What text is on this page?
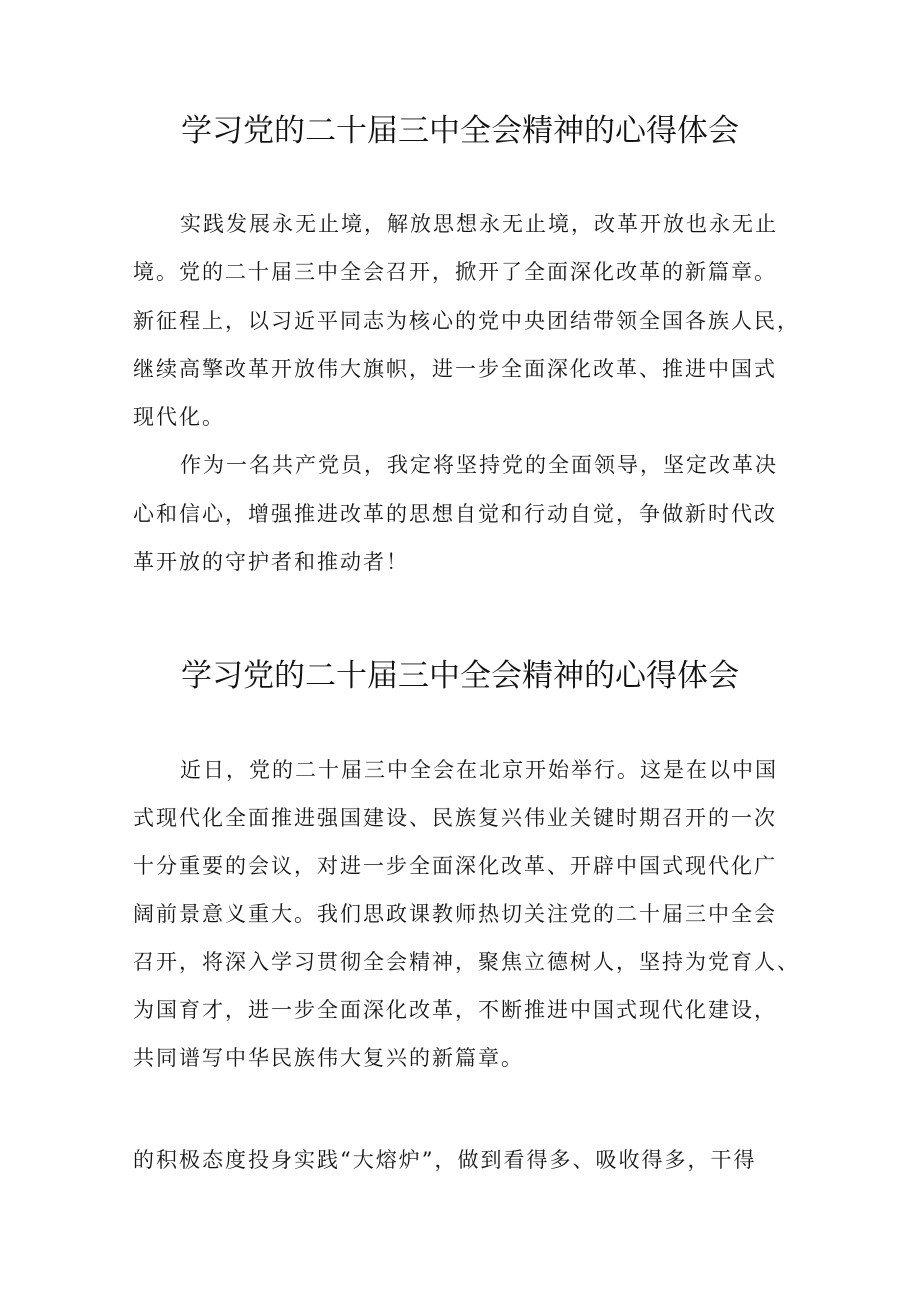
学习党的二十届三中全会精神的心得体会
实践发展永无止境，解放思想永无止境，改革开放也永无止
境。党的二十届三中全会召开，掀开了全面深化改革的新篇章。
新征程上，以习近平同志为核心的党中央团结带领全国各族人民，
继续高擎改革开放伟大旗帜，进一步全面深化改革、推进中国式
现代化。
作为一名共产党员，我定将坚持党的全面领导，坚定改革决
心和信心，增强推进改革的思想自觉和行动自觉，争做新时代改
革开放的守护者和推动者！
学习党的二十届三中全会精神的心得体会
近日，党的二十届三中全会在北京开始举行。这是在以中国
式现代化全面推进强国建设、民族复兴伟业关键时期召开的一次
十分重要的会议，对进一步全面深化改革、开辟中国式现代化广
阔前景意义重大。我们思政课教师热切关注党的二十届三中全会
召开，将深入学习贯彻全会精神，聚焦立德树人，坚持为党育人、
为国育才，进一步全面深化改革，不断推进中国式现代化建设，
共同谱写中华民族伟大复兴的新篇章。
的积极态度投身实践“大熔炉”，做到看得多、吸收得多，干得
